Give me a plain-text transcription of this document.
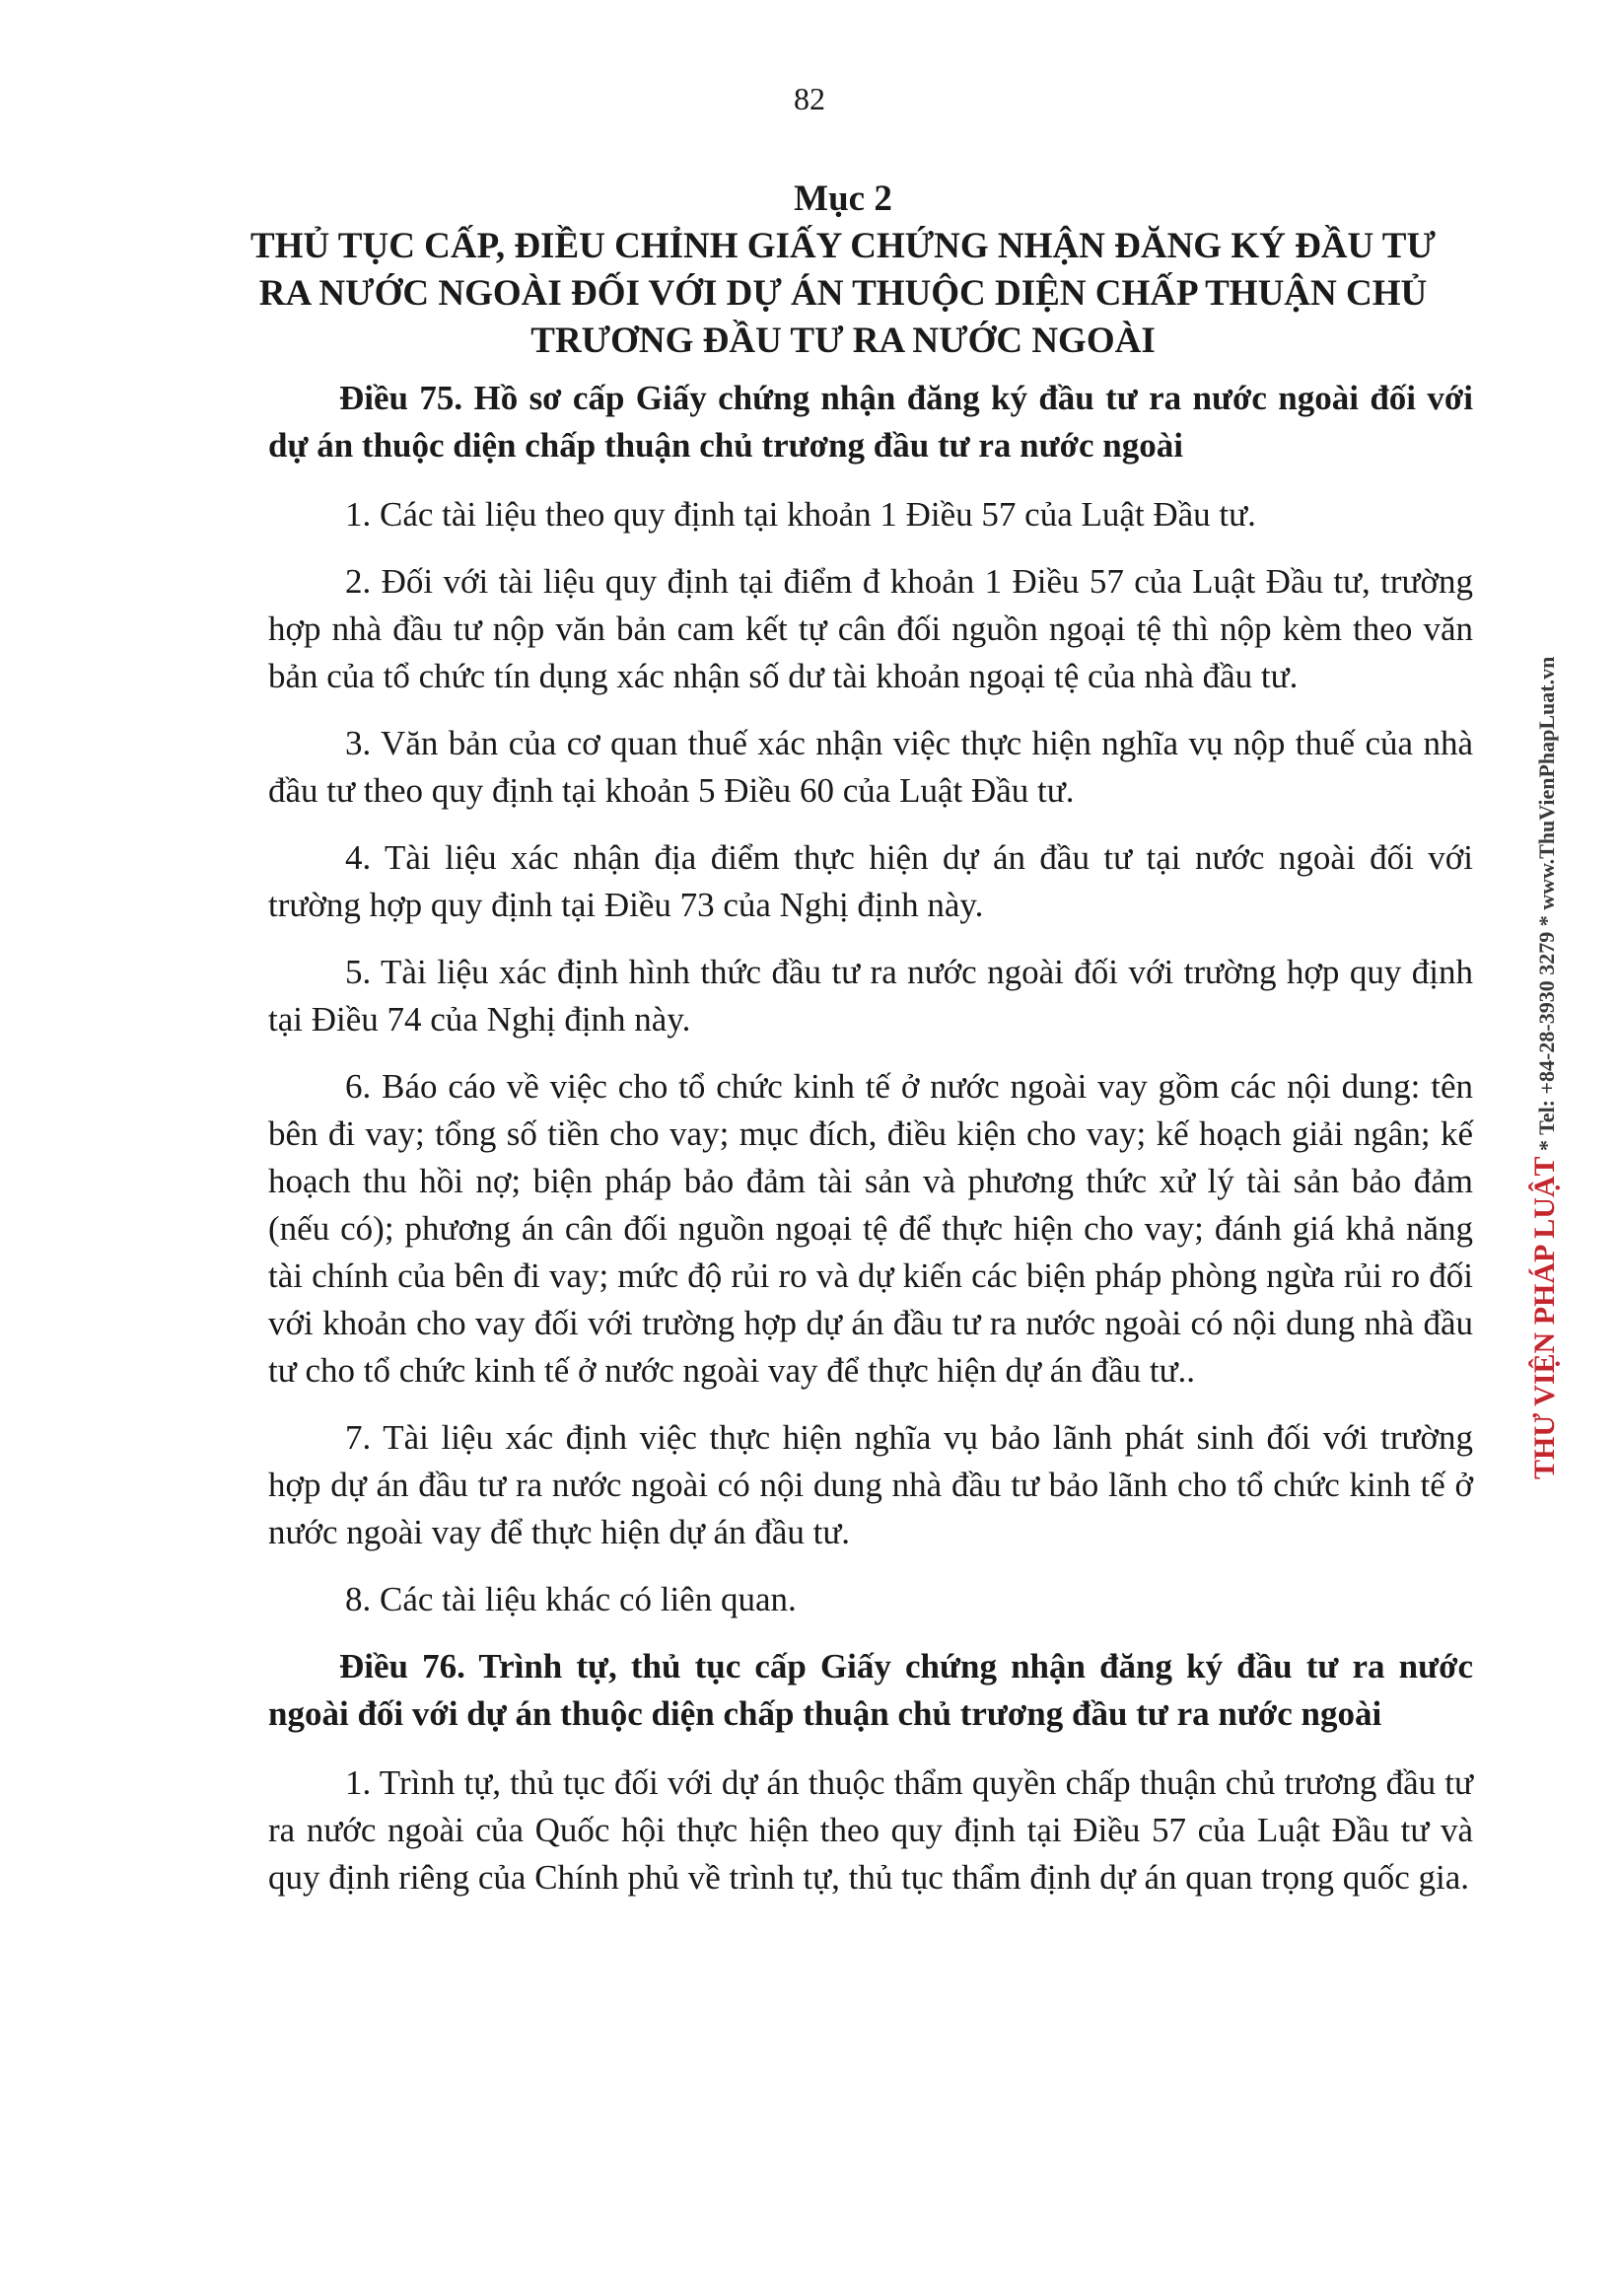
82
Mục 2
THỦ TỤC CẤP, ĐIỀU CHỈNH GIẤY CHỨNG NHẬN ĐĂNG KÝ ĐẦU TƯ RA NƯỚC NGOÀI ĐỐI VỚI DỰ ÁN THUỘC DIỆN CHẤP THUẬN CHỦ TRƯƠNG ĐẦU TƯ RA NƯỚC NGOÀI

Điều 75. Hồ sơ cấp Giấy chứng nhận đăng ký đầu tư ra nước ngoài đối với dự án thuộc diện chấp thuận chủ trương đầu tư ra nước ngoài

1. Các tài liệu theo quy định tại khoản 1 Điều 57 của Luật Đầu tư.

2. Đối với tài liệu quy định tại điểm đ khoản 1 Điều 57 của Luật Đầu tư, trường hợp nhà đầu tư nộp văn bản cam kết tự cân đối nguồn ngoại tệ thì nộp kèm theo văn bản của tổ chức tín dụng xác nhận số dư tài khoản ngoại tệ của nhà đầu tư.

3. Văn bản của cơ quan thuế xác nhận việc thực hiện nghĩa vụ nộp thuế của nhà đầu tư theo quy định tại khoản 5 Điều 60 của Luật Đầu tư.

4. Tài liệu xác nhận địa điểm thực hiện dự án đầu tư tại nước ngoài đối với trường hợp quy định tại Điều 73 của Nghị định này.

5. Tài liệu xác định hình thức đầu tư ra nước ngoài đối với trường hợp quy định tại Điều 74 của Nghị định này.

6. Báo cáo về việc cho tổ chức kinh tế ở nước ngoài vay gồm các nội dung: tên bên đi vay; tổng số tiền cho vay; mục đích, điều kiện cho vay; kế hoạch giải ngân; kế hoạch thu hồi nợ; biện pháp bảo đảm tài sản và phương thức xử lý tài sản bảo đảm (nếu có); phương án cân đối nguồn ngoại tệ để thực hiện cho vay; đánh giá khả năng tài chính của bên đi vay; mức độ rủi ro và dự kiến các biện pháp phòng ngừa rủi ro đối với khoản cho vay đối với trường hợp dự án đầu tư ra nước ngoài có nội dung nhà đầu tư cho tổ chức kinh tế ở nước ngoài vay để thực hiện dự án đầu tư..

7. Tài liệu xác định việc thực hiện nghĩa vụ bảo lãnh phát sinh đối với trường hợp dự án đầu tư ra nước ngoài có nội dung nhà đầu tư bảo lãnh cho tổ chức kinh tế ở nước ngoài vay để thực hiện dự án đầu tư.

8. Các tài liệu khác có liên quan.

Điều 76. Trình tự, thủ tục cấp Giấy chứng nhận đăng ký đầu tư ra nước ngoài đối với dự án thuộc diện chấp thuận chủ trương đầu tư ra nước ngoài

1. Trình tự, thủ tục đối với dự án thuộc thẩm quyền chấp thuận chủ trương đầu tư ra nước ngoài của Quốc hội thực hiện theo quy định tại Điều 57 của Luật Đầu tư và quy định riêng của Chính phủ về trình tự, thủ tục thẩm định dự án quan trọng quốc gia.

THƯ VIỆN PHÁP LUẬT * Tel: +84-28-3930 3279 * www.ThuVienPhapLuat.vn
